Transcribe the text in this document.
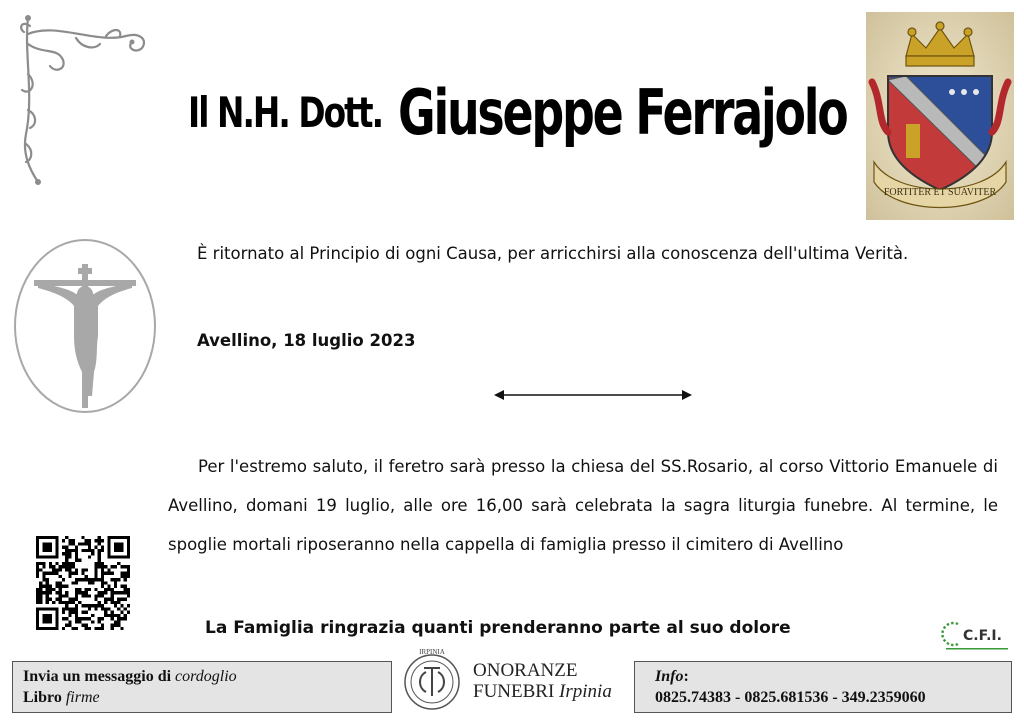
Il N.H. Dott. Giuseppe Ferrajolo
FORTITER ET SUAVITER
È ritornato al Principio di ogni Causa, per arricchirsi alla conoscenza dell'ultima Verità.
Avellino, 18 luglio 2023

Per l'estremo saluto, il feretro sarà presso la chiesa del SS.Rosario, al corso Vittorio Emanuele di Avellino, domani 19 luglio, alle ore 16,00 sarà celebrata la sagra liturgia funebre. Al termine, le spoglie mortali riposeranno nella cappella di famiglia presso il cimitero di Avellino

La Famiglia ringrazia quanti prenderanno parte al suo dolore	C.F.I.
Invia un messaggio di cordoglio
Libro firme
IRPINIA
ONORANZE
FUNEBRI Irpinia
Info:
0825.74383 - 0825.681536 - 349.2359060
